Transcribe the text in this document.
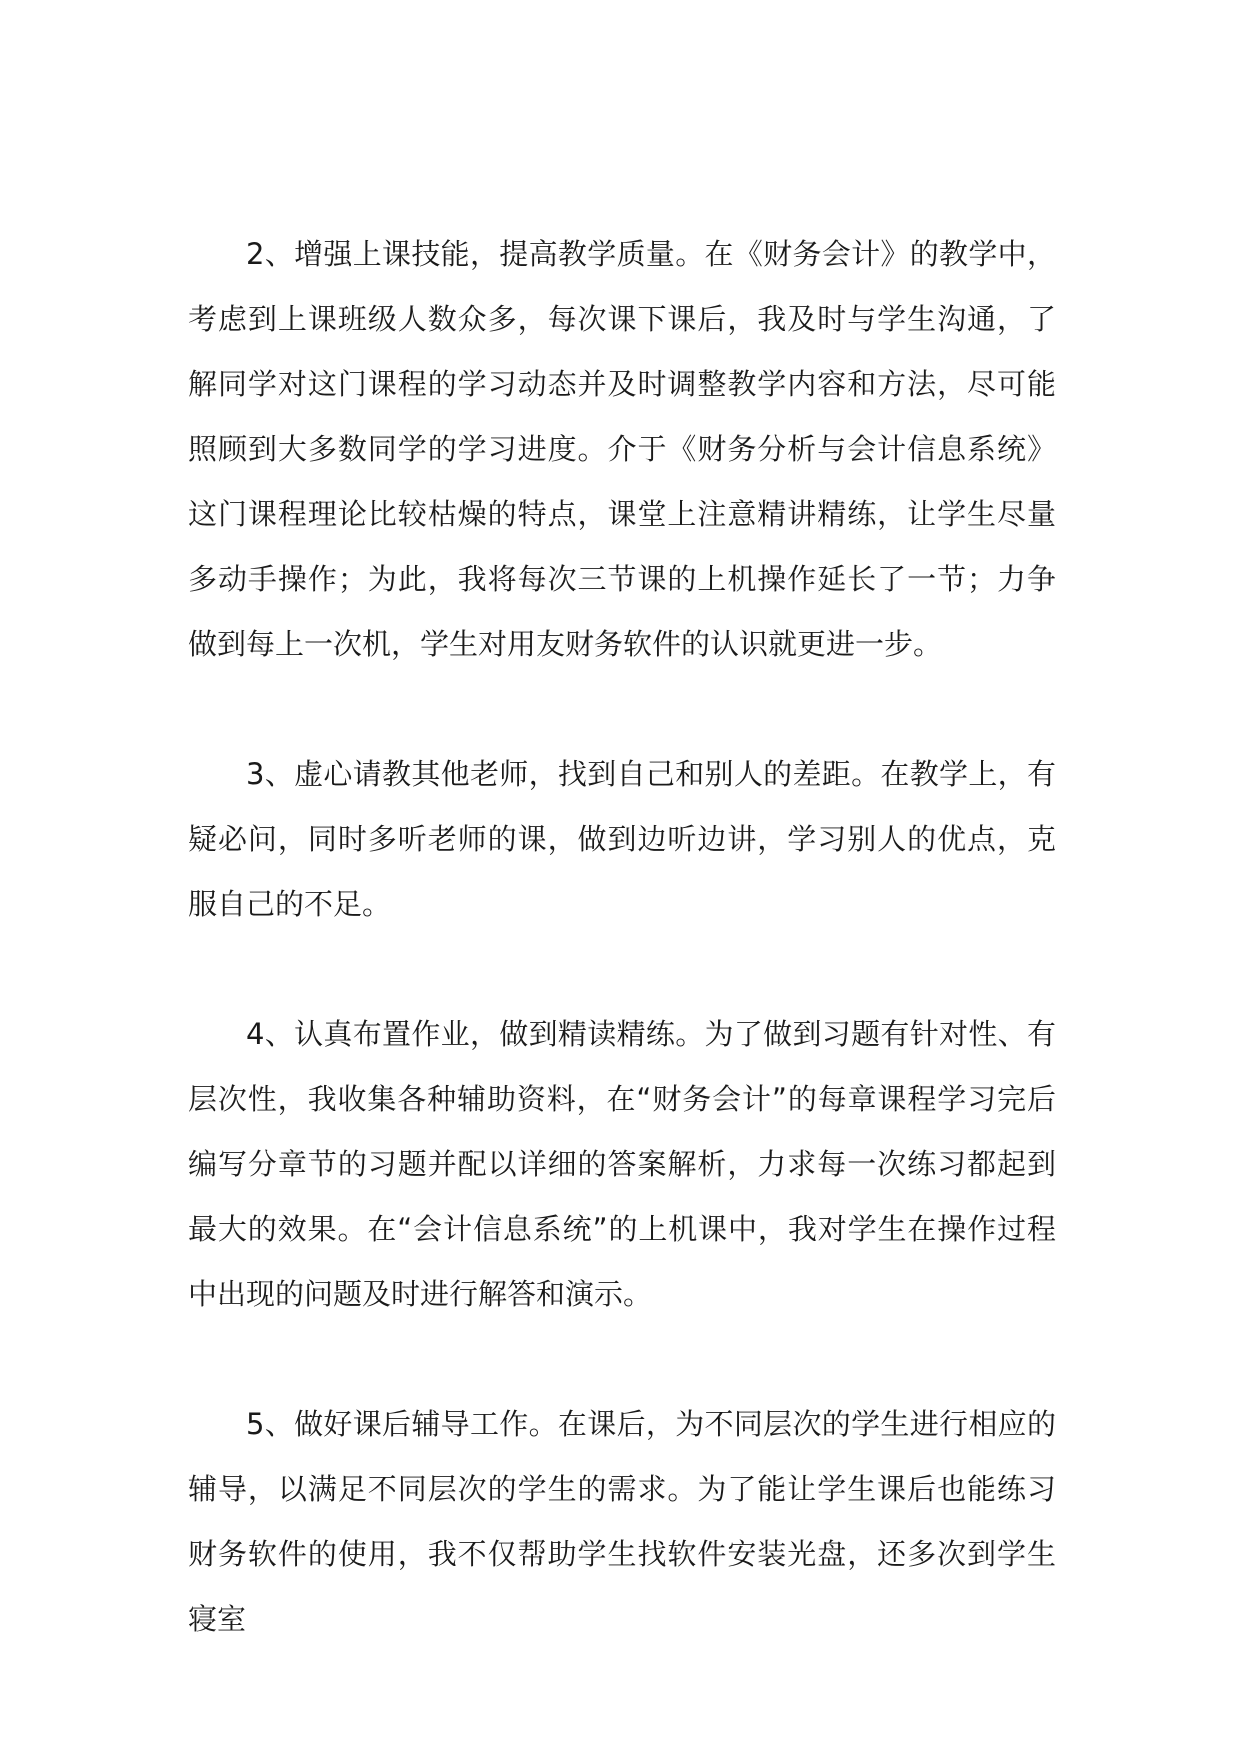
2、增强上课技能，提高教学质量。在《财务会计》的教学中，考虑到上课班级人数众多，每次课下课后，我及时与学生沟通，了解同学对这门课程的学习动态并及时调整教学内容和方法，尽可能照顾到大多数同学的学习进度。介于《财务分析与会计信息系统》这门课程理论比较枯燥的特点，课堂上注意精讲精练，让学生尽量多动手操作；为此，我将每次三节课的上机操作延长了一节；力争做到每上一次机，学生对用友财务软件的认识就更进一步。

3、虚心请教其他老师，找到自己和别人的差距。在教学上，有疑必问，同时多听老师的课，做到边听边讲，学习别人的优点，克服自己的不足。

4、认真布置作业，做到精读精练。为了做到习题有针对性、有层次性，我收集各种辅助资料，在“财务会计”的每章课程学习完后编写分章节的习题并配以详细的答案解析，力求每一次练习都起到最大的效果。在“会计信息系统”的上机课中，我对学生在操作过程中出现的问题及时进行解答和演示。

5、做好课后辅导工作。在课后，为不同层次的学生进行相应的辅导，以满足不同层次的学生的需求。为了能让学生课后也能练习财务软件的使用，我不仅帮助学生找软件安装光盘，还多次到学生寝室
